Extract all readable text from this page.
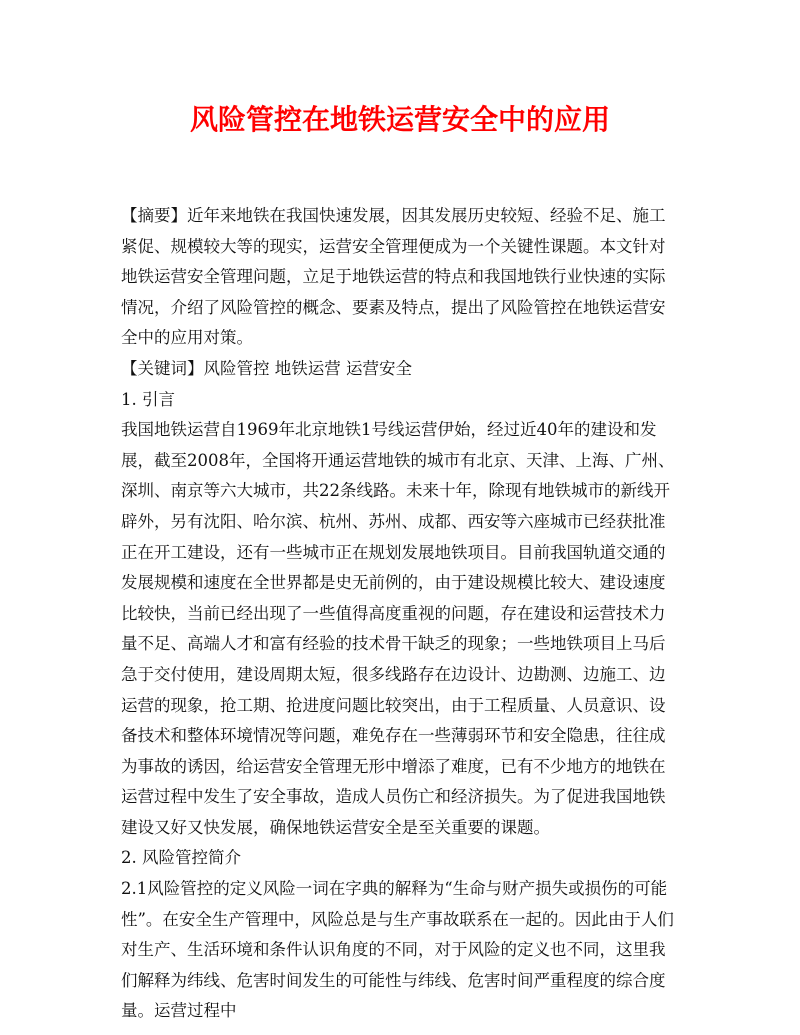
风险管控在地铁运营安全中的应用

【摘要】近年来地铁在我国快速发展，因其发展历史较短、经验不足、施工紧促、规模较大等的现实，运营安全管理便成为一个关键性课题。本文针对地铁运营安全管理问题，立足于地铁运营的特点和我国地铁行业快速的实际情况，介绍了风险管控的概念、要素及特点，提出了风险管控在地铁运营安全中的应用对策。

【关键词】风险管控 地铁运营 运营安全

1. 引言

我国地铁运营自1969年北京地铁1号线运营伊始，经过近40年的建设和发展，截至2008年，全国将开通运营地铁的城市有北京、天津、上海、广州、深圳、南京等六大城市，共22条线路。未来十年，除现有地铁城市的新线开辟外，另有沈阳、哈尔滨、杭州、苏州、成都、西安等六座城市已经获批准正在开工建设，还有一些城市正在规划发展地铁项目。目前我国轨道交通的发展规模和速度在全世界都是史无前例的，由于建设规模比较大、建设速度比较快，当前已经出现了一些值得高度重视的问题，存在建设和运营技术力量不足、高端人才和富有经验的技术骨干缺乏的现象；一些地铁项目上马后急于交付使用，建设周期太短，很多线路存在边设计、边勘测、边施工、边运营的现象，抢工期、抢进度问题比较突出，由于工程质量、人员意识、设备技术和整体环境情况等问题，难免存在一些薄弱环节和安全隐患，往往成为事故的诱因，给运营安全管理无形中增添了难度，已有不少地方的地铁在运营过程中发生了安全事故，造成人员伤亡和经济损失。为了促进我国地铁建设又好又快发展，确保地铁运营安全是至关重要的课题。

2. 风险管控简介

2.1风险管控的定义风险一词在字典的解释为“生命与财产损失或损伤的可能性”。在安全生产管理中，风险总是与生产事故联系在一起的。因此由于人们对生产、生活环境和条件认识角度的不同，对于风险的定义也不同，这里我们解释为纬线、危害时间发生的可能性与纬线、危害时间严重程度的综合度量。运营过程中
